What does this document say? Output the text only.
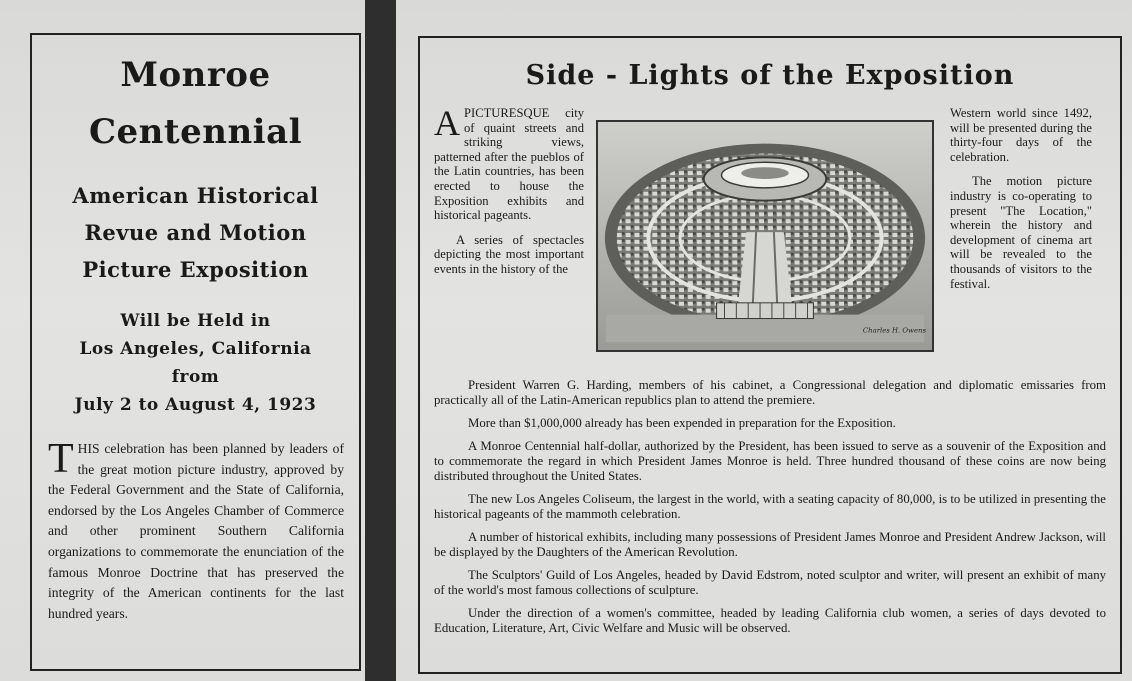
Monroe
Centennial
American Historical
Revue and Motion
Picture Exposition
Will be Held in
Los Angeles, California
from
July 2 to August 4, 1923
THIS celebration has been planned by leaders of the great motion picture industry, approved by the Federal Government and the State of California, endorsed by the Los Angeles Chamber of Commerce and other prominent Southern California organizations to commemorate the enunciation of the famous Monroe Doctrine that has preserved the integrity of the American continents for the last hundred years.
Side - Lights of the Exposition

APICTURESQUE city of quaint streets and striking views, patterned after the pueblos of the Latin countries, has been erected to house the Exposition exhibits and historical pageants.

A series of spectacles depicting the most important events in the history of the

Charles H. Owens

Western world since 1492, will be presented during the thirty-four days of the celebration.

The motion picture industry is co-operating to present "The Location," wherein the history and development of cinema art will be revealed to the thousands of visitors to the festival.

President Warren G. Harding, members of his cabinet, a Congressional delegation and diplomatic emissaries from practically all of the Latin-American republics plan to attend the premiere.

More than $1,000,000 already has been expended in preparation for the Exposition.

A Monroe Centennial half-dollar, authorized by the President, has been issued to serve as a souvenir of the Exposition and to commemorate the regard in which President James Monroe is held. Three hundred thousand of these coins are now being distributed throughout the United States.

The new Los Angeles Coliseum, the largest in the world, with a seating capacity of 80,000, is to be utilized in presenting the historical pageants of the mammoth celebration.

A number of historical exhibits, including many possessions of President James Monroe and President Andrew Jackson, will be displayed by the Daughters of the American Revolution.

The Sculptors' Guild of Los Angeles, headed by David Edstrom, noted sculptor and writer, will present an exhibit of many of the world's most famous collections of sculpture.

Under the direction of a women's committee, headed by leading California club women, a series of days devoted to Education, Literature, Art, Civic Welfare and Music will be observed.
